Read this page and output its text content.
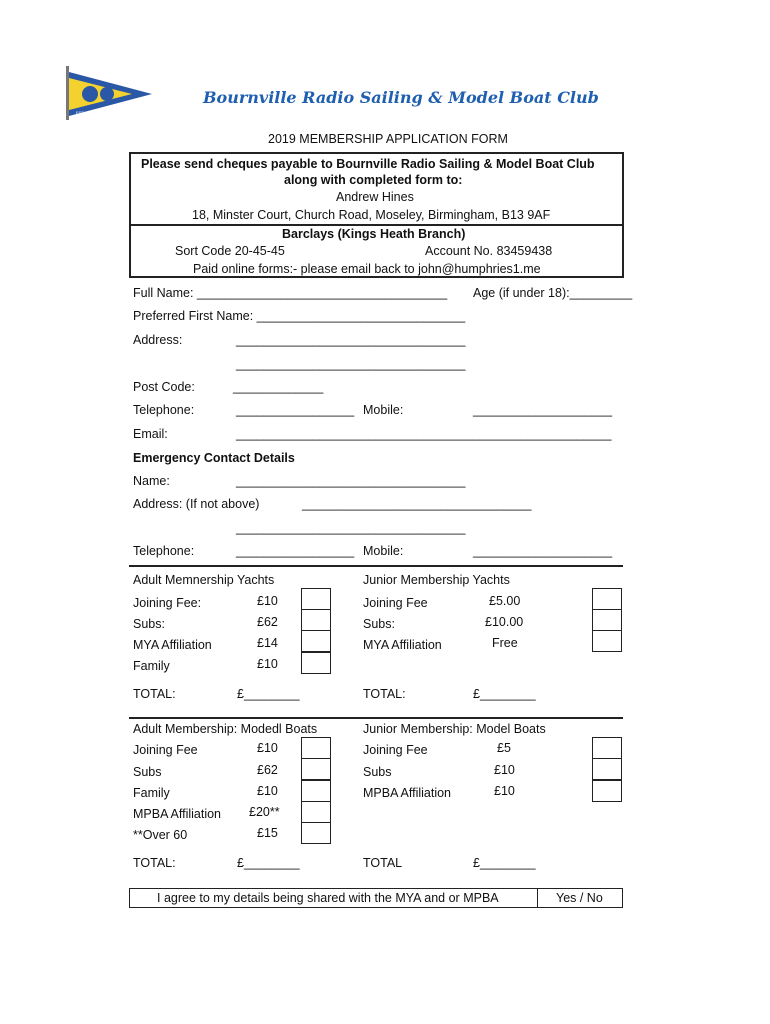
EST 1923
Bournville Radio Sailing & Model Boat Club
2019 MEMBERSHIP APPLICATION FORM
Please send cheques payable to Bournville Radio Sailing & Model Boat Club
along with completed form to:
Andrew Hines
18, Minster Court, Church Road, Moseley, Birmingham, B13 9AF
Barclays (Kings Heath Branch)
Sort Code 20-45-45	Account No. 83459438
Paid online forms:- please email back to john@humphries1.me
Full Name: ____________________________________ Age (if under 18):_________
Preferred First Name: ______________________________
Address:	_________________________________
_________________________________
Post Code:	_____________
Telephone:	_________________ Mobile:	____________________
Email:	______________________________________________________
Emergency Contact Details
Name:	_________________________________
Address: (If not above)	_________________________________
_________________________________
Telephone:	_________________ Mobile:	____________________
Adult Memnership Yachts	Junior Membership Yachts
Joining Fee:	£10
Subs:	£62
MYA Affiliation	£14
Family	£10
Joining Fee	£5.00
Subs:	£10.00
MYA Affiliation	Free
TOTAL:	£________	TOTAL:	£________
Adult Membership: Modedl Boats	Junior Membership: Model Boats
Joining Fee	£10
Subs	£62
Family	£10
MPBA Affiliation £20**
**Over 60	£15
Joining Fee	£5
Subs	£10
MPBA Affiliation	£10
TOTAL:	£________	TOTAL	£________
I agree to my details being shared with the MYA and or MPBA	Yes / No
